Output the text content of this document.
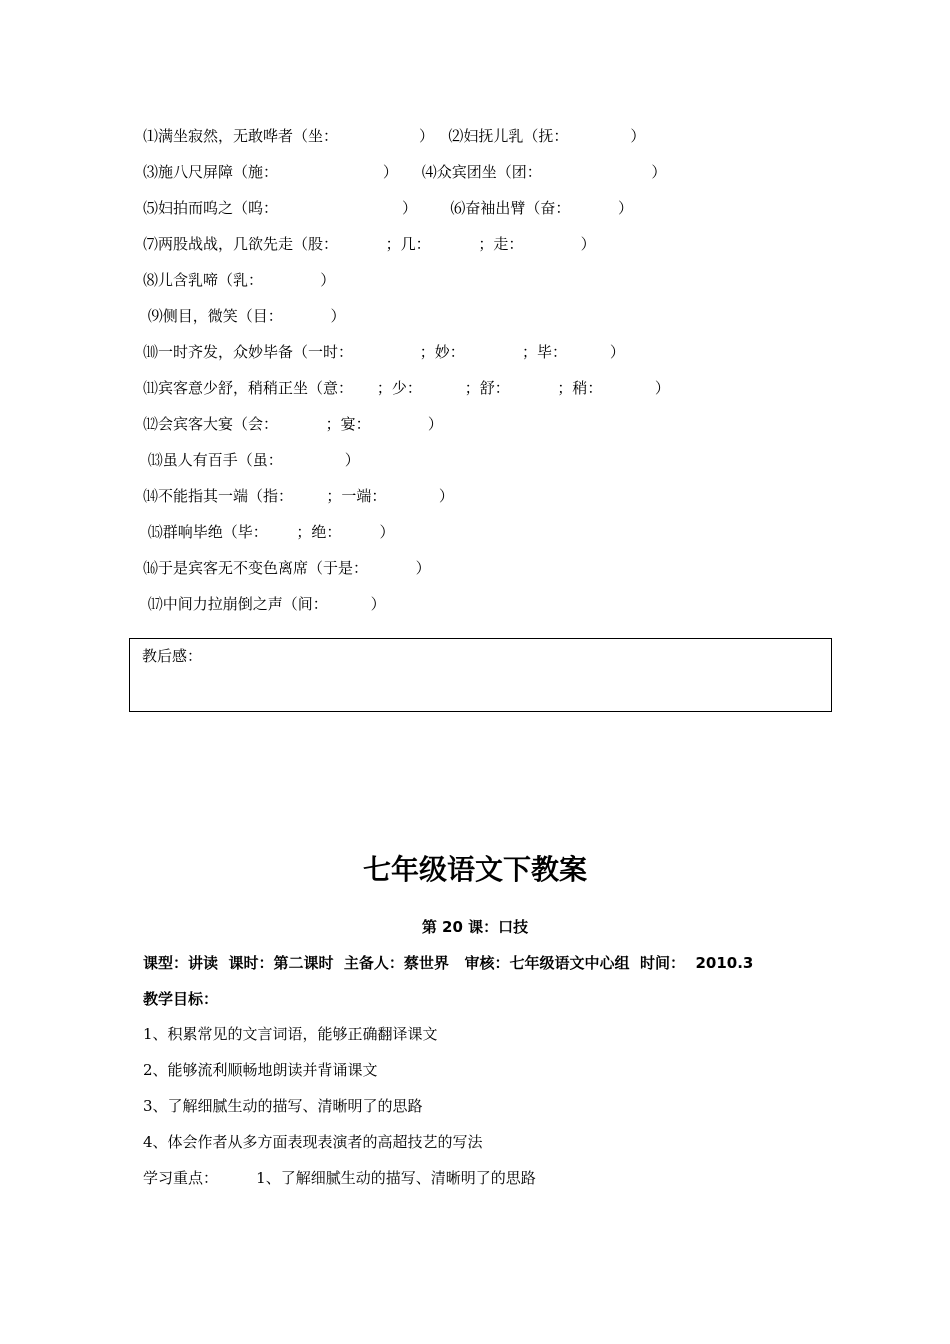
⑴满坐寂然，无敢哗者（坐：                 ）   ⑵妇抚儿乳（抚：             ）
⑶施八尺屏障（施：                      ）     ⑷众宾团坐（团：                       ）
⑸妇拍而呜之（呜：                          ）       ⑹奋袖出臂（奋：          ）
⑺两股战战，几欲先走（股：          ；几：          ；走：            ）
⑻儿含乳啼（乳：            ）
⑼侧目，微笑（目：          ）
⑽一时齐发，众妙毕备（一时：              ；妙：            ；毕：         ）
⑾宾客意少舒，稍稍正坐（意：     ；少：         ；舒：          ；稍：           ）
⑿会宾客大宴（会：          ；宴：            ）
⒀虽人有百手（虽：             ）
⒁不能指其一端（指：       ；一端：           ）
⒂群响毕绝（毕：      ；绝：        ）
⒃于是宾客无不变色离席（于是：          ）
⒄中间力拉崩倒之声（间：         ）
教后感：
七年级语文下教案
第 20 课：口技
课型：讲读  课时：第二课时  主备人：蔡世界   审核：七年级语文中心组  时间：  2010.3
教学目标：
1、积累常见的文言词语，能够正确翻译课文
2、能够流利顺畅地朗读并背诵课文
3、了解细腻生动的描写、清晰明了的思路
4、体会作者从多方面表现表演者的高超技艺的写法
学习重点：        1、了解细腻生动的描写、清晰明了的思路
